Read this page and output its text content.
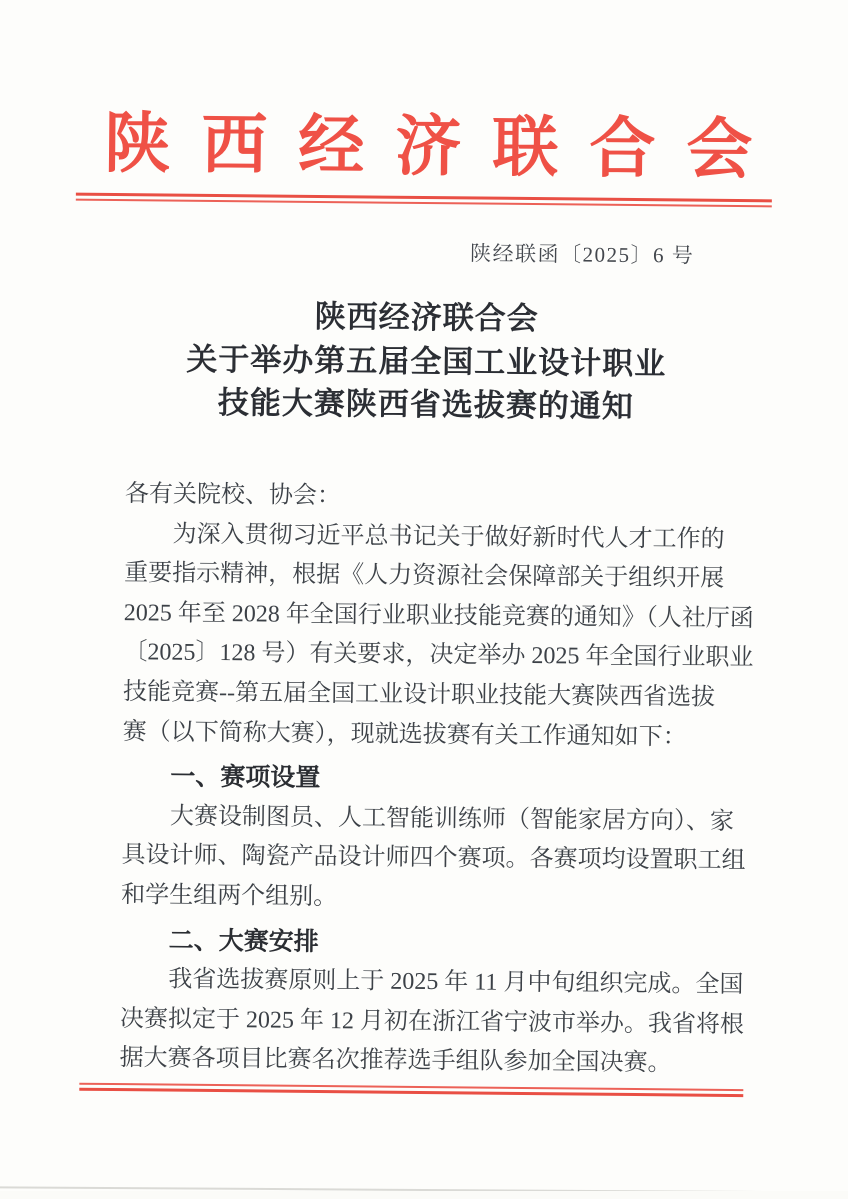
陕西经济联合会
陕经联函〔2025〕6 号
陕西经济联合会
关于举办第五届全国工业设计职业
技能大赛陕西省选拔赛的通知
各有关院校、协会：
为深入贯彻习近平总书记关于做好新时代人才工作的
重要指示精神，根据《人力资源社会保障部关于组织开展
2025 年至 2028 年全国行业职业技能竞赛的通知》（人社厅函
〔2025〕128 号）有关要求，决定举办 2025 年全国行业职业
技能竞赛--第五届全国工业设计职业技能大赛陕西省选拔
赛（以下简称大赛），现就选拔赛有关工作通知如下：
一、赛项设置
大赛设制图员、人工智能训练师（智能家居方向）、家
具设计师、陶瓷产品设计师四个赛项。各赛项均设置职工组
和学生组两个组别。
二、大赛安排
我省选拔赛原则上于 2025 年 11 月中旬组织完成。全国
决赛拟定于 2025 年 12 月初在浙江省宁波市举办。我省将根
据大赛各项目比赛名次推荐选手组队参加全国决赛。
